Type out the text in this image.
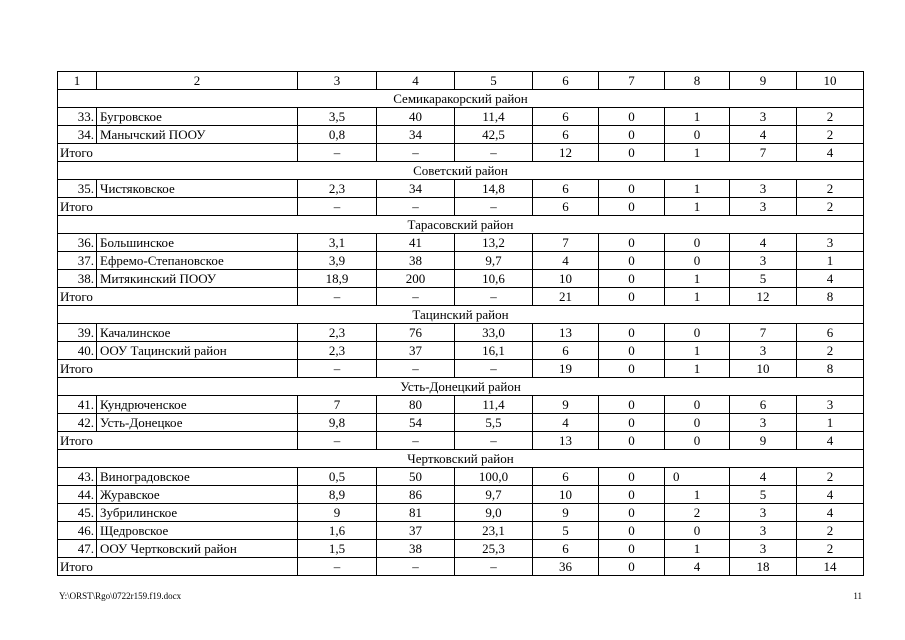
1	2	3	4	5	6	7	8	9	10
Семикаракорский район									
33.	Бугровское	3,5	40	11,4	6	0	1	3	2
34.	Манычский ПООУ	0,8	34	42,5	6	0	0	4	2
Итого		–	–	–	12	0	1	7	4
Советский район									
35.	Чистяковское	2,3	34	14,8	6	0	1	3	2
Итого		–	–	–	6	0	1	3	2
Тарасовский район									
36.	Большинское	3,1	41	13,2	7	0	0	4	3
37.	Ефремо-Степановское	3,9	38	9,7	4	0	0	3	1
38.	Митякинский ПООУ	18,9	200	10,6	10	0	1	5	4
Итого		–	–	–	21	0	1	12	8
Тацинский район									
39.	Качалинское	2,3	76	33,0	13	0	0	7	6
40.	ООУ Тацинский район	2,3	37	16,1	6	0	1	3	2
Итого		–	–	–	19	0	1	10	8
Усть-Донецкий район									
41.	Кундрюченское	7	80	11,4	9	0	0	6	3
42.	Усть-Донецкое	9,8	54	5,5	4	0	0	3	1
Итого		–	–	–	13	0	0	9	4
Чертковский район									
43.	Виноградовское	0,5	50	100,0	6	0	0	4	2
44.	Журавское	8,9	86	9,7	10	0	1	5	4
45.	Зубрилинское	9	81	9,0	9	0	2	3	4
46.	Щедровское	1,6	37	23,1	5	0	0	3	2
47.	ООУ Чертковский район	1,5	38	25,3	6	0	1	3	2
Итого		–	–	–	36	0	4	18	14
Y:\ORST\Rgo\0722r159.f19.docx	11
